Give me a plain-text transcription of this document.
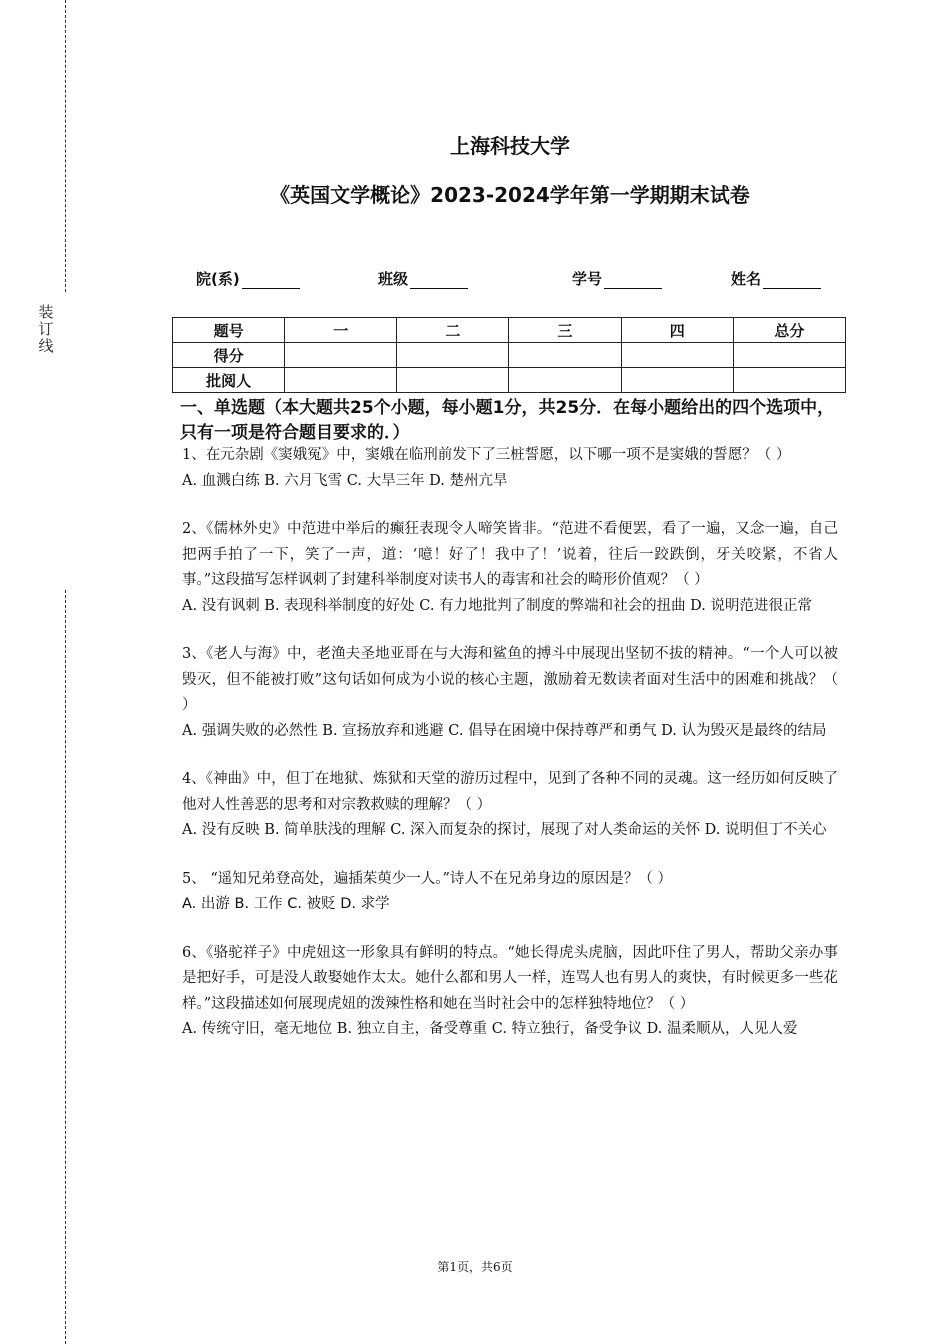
装订线
上海科技大学
《英国文学概论》2023-2024学年第一学期期末试卷
院(系)	班级	学号	姓名
题号	一	二	三	四	总分
得分					
批阅人					
一、单选题（本大题共25个小题，每小题1分，共25分．在每小题给出的四个选项中，只有一项是符合题目要求的．）

1、在元杂剧《窦娥冤》中，窦娥在临刑前发下了三桩誓愿，以下哪一项不是窦娥的誓愿？（ ）

A. 血溅白练 B. 六月飞雪 C. 大旱三年 D. 楚州亢旱

2、《儒林外史》中范进中举后的癫狂表现令人啼笑皆非。“范进不看便罢，看了一遍，又念一遍，自己把两手拍了一下，笑了一声，道：‘噫！好了！我中了！’说着，往后一跤跌倒，牙关咬紧，不省人事。”这段描写怎样讽刺了封建科举制度对读书人的毒害和社会的畸形价值观？（ ）

A. 没有讽刺 B. 表现科举制度的好处 C. 有力地批判了制度的弊端和社会的扭曲 D. 说明范进很正常

3、《老人与海》中，老渔夫圣地亚哥在与大海和鲨鱼的搏斗中展现出坚韧不拔的精神。“一个人可以被毁灭，但不能被打败”这句话如何成为小说的核心主题，激励着无数读者面对生活中的困难和挑战？（ ）

A. 强调失败的必然性 B. 宣扬放弃和逃避 C. 倡导在困境中保持尊严和勇气 D. 认为毁灭是最终的结局

4、《神曲》中，但丁在地狱、炼狱和天堂的游历过程中，见到了各种不同的灵魂。这一经历如何反映了他对人性善恶的思考和对宗教救赎的理解？（ ）

A. 没有反映 B. 简单肤浅的理解 C. 深入而复杂的探讨，展现了对人类命运的关怀 D. 说明但丁不关心

5、 “遥知兄弟登高处，遍插茱萸少一人。”诗人不在兄弟身边的原因是？（ ）

A. 出游 B. 工作 C. 被贬 D. 求学

6、《骆驼祥子》中虎妞这一形象具有鲜明的特点。“她长得虎头虎脑，因此吓住了男人，帮助父亲办事是把好手，可是没人敢娶她作太太。她什么都和男人一样，连骂人也有男人的爽快，有时候更多一些花样。”这段描述如何展现虎妞的泼辣性格和她在当时社会中的怎样独特地位？（ ）

A. 传统守旧，毫无地位 B. 独立自主，备受尊重 C. 特立独行，备受争议 D. 温柔顺从，人见人爱

第1页，共6页
